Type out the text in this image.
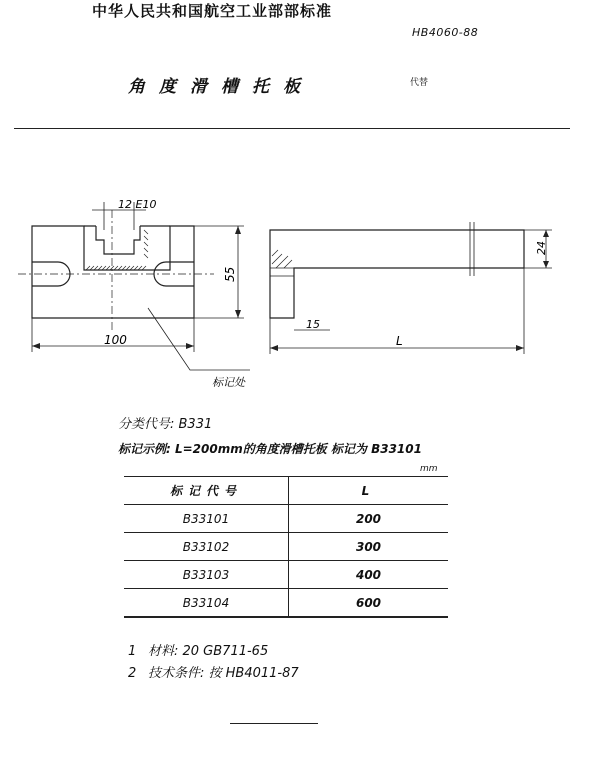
中华人民共和国航空工业部部标准
HB4060-88
角度滑槽托板	代替
100
55
12 E10
L
24
15
标记处
分类代号: B331
标记示例: L=200mm的角度滑槽托板 标记为 B33101
mm
标记代号	L
B33101	200
B33102	300
B33103	400
B33104	600
1 材料: 20 GB711-65
2 技术条件: 按 HB4011-87
